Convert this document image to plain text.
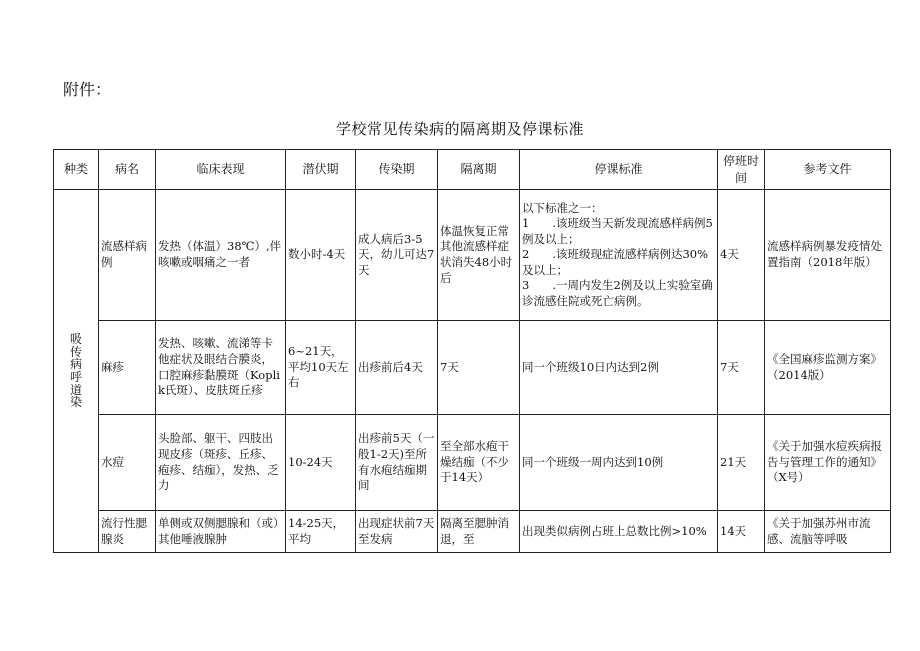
附件：
学校常见传染病的隔离期及停课标准
种类	病名	临床表现	潜伏期	传染期	隔离期	停课标准	停班时间	参考文件

吸传病呼道染	流感样病例	发热（体温）38℃）,伴咳嗽或咽痛之一者	数小时-4天	成人病后3-5天，幼儿可达7天	体温恢复正常其他流感样症状消失48小时后	以下标准之一：
1　　.该班级当天新发现流感样病例5例及以上；
2　　.该班级现症流感样病例达30%及以上；
3　　.一周内发生2例及以上实验室确诊流感住院或死亡病例。	4天	流感样病例暴发疫情处置指南（2018年版）
	麻疹	发热、咳嗽、流涕等卡他症状及眼结合膜炎，口腔麻疹黏膜斑（Koplik氏斑）、皮肤斑丘疹	6~21天，平均10天左右	出疹前后4天	7天	同一个班级10日内达到2例	7天	《全国麻疹监测方案》（2014版）
	水痘	头脸部、躯干、四肢出现皮疹（斑疹、丘疹、疱疹、结痂），发热、乏力	10-24天	出疹前5天（一般1-2天)至所有水疱结痂期间	至全部水疱干燥结痂（不少于14天）	同一个班级一周内达到10例	21天	《关于加强水痘疾病报告与管理工作的通知》（X号）
	流行性腮腺炎	单侧或双侧腮腺和（或）其他唾液腺肿	14-25天，平均	出现症状前7天至发病	隔离至腮肿消退，至	出现类似病例占班上总数比例>10%	14天	《关于加强苏州市流感、流脑等呼吸
